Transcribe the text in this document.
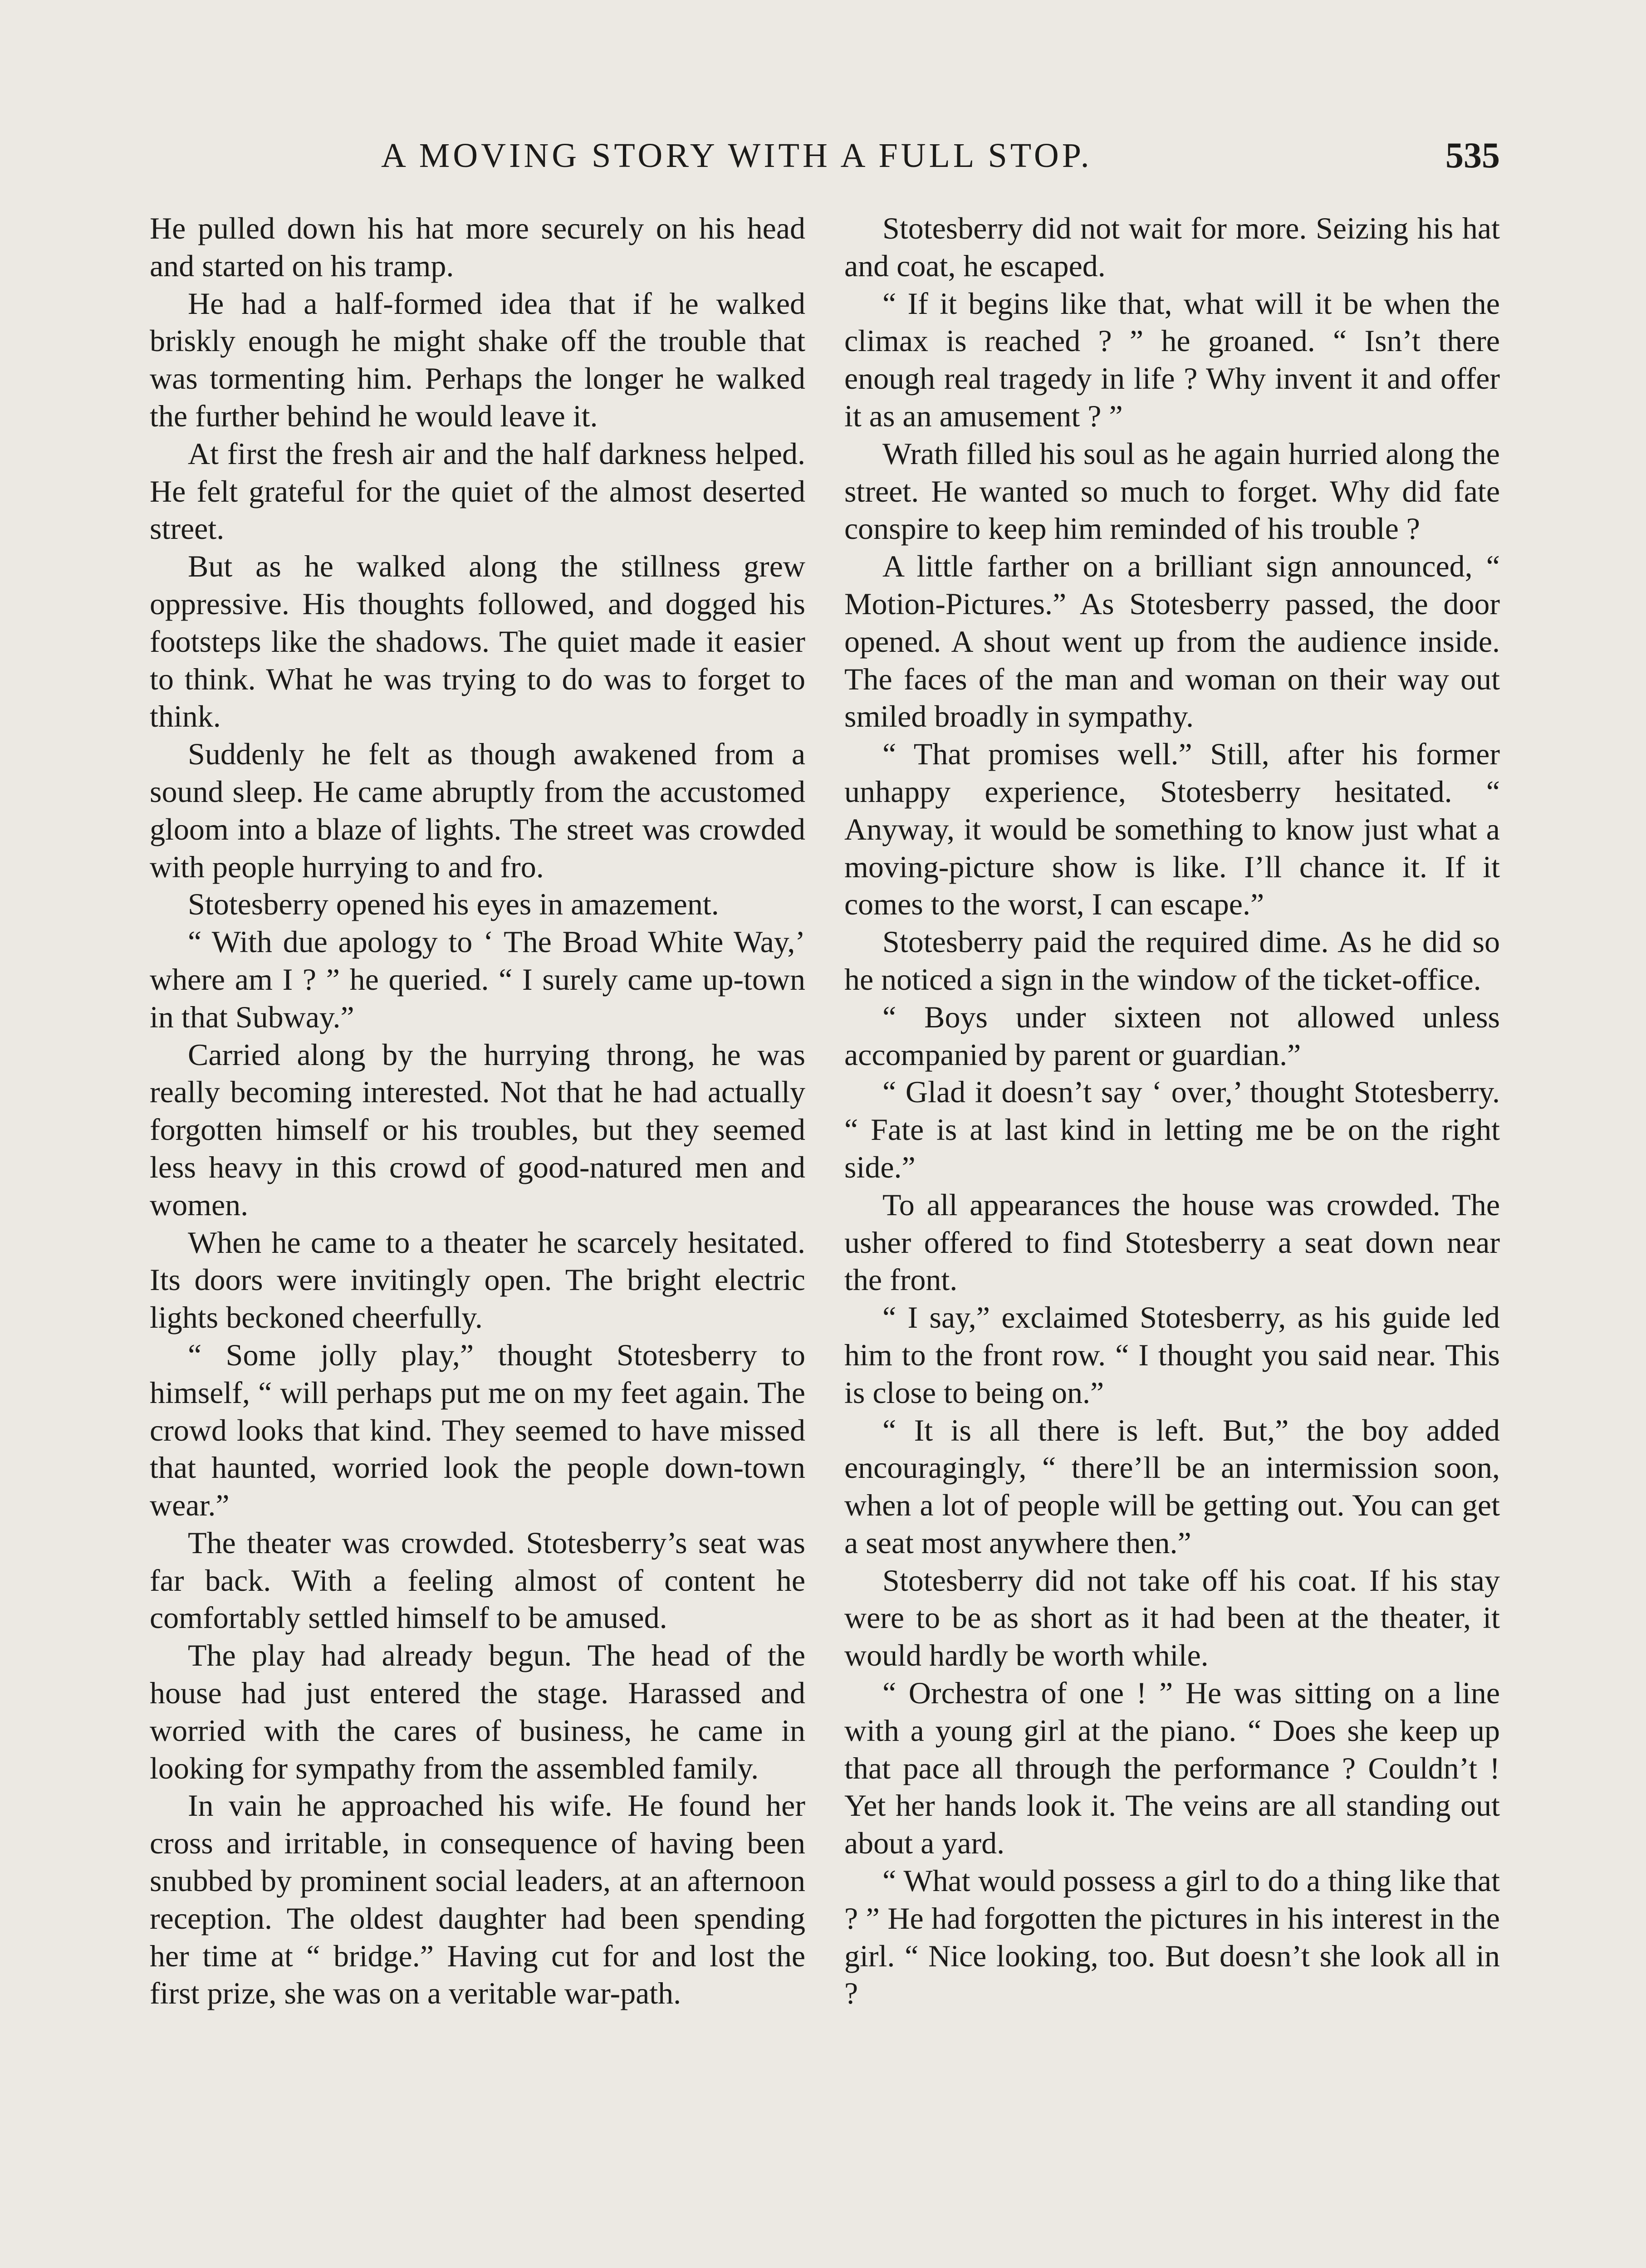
A MOVING STORY WITH A FULL STOP.	535

He pulled down his hat more securely on his head and started on his tramp.

He had a half-formed idea that if he walked briskly enough he might shake off the trouble that was tormenting him. Perhaps the longer he walked the further behind he would leave it.

At first the fresh air and the half darkness helped. He felt grateful for the quiet of the almost deserted street.

But as he walked along the stillness grew oppressive. His thoughts followed, and dogged his footsteps like the shadows. The quiet made it easier to think. What he was trying to do was to forget to think.

Suddenly he felt as though awakened from a sound sleep. He came abruptly from the accustomed gloom into a blaze of lights. The street was crowded with people hurrying to and fro.

Stotesberry opened his eyes in amazement.

“ With due apology to ‘ The Broad White Way,’ where am I ? ” he queried. “ I surely came up-town in that Subway.”

Carried along by the hurrying throng, he was really becoming interested. Not that he had actually forgotten himself or his troubles, but they seemed less heavy in this crowd of good-natured men and women.

When he came to a theater he scarcely hesitated. Its doors were invitingly open. The bright electric lights beckoned cheerfully.

“ Some jolly play,” thought Stotesberry to himself, “ will perhaps put me on my feet again. The crowd looks that kind. They seemed to have missed that haunted, worried look the people down-town wear.”

The theater was crowded. Stotesberry’s seat was far back. With a feeling almost of content he comfortably settled himself to be amused.

The play had already begun. The head of the house had just entered the stage. Harassed and worried with the cares of business, he came in looking for sympathy from the assembled family.

In vain he approached his wife. He found her cross and irritable, in consequence of having been snubbed by prominent social leaders, at an afternoon reception. The oldest daughter had been spending her time at “ bridge.” Having cut for and lost the first prize, she was on a veritable war-path.

Stotesberry did not wait for more. Seizing his hat and coat, he escaped.

“ If it begins like that, what will it be when the climax is reached ? ” he groaned. “ Isn’t there enough real tragedy in life ? Why invent it and offer it as an amusement ? ”

Wrath filled his soul as he again hurried along the street. He wanted so much to forget. Why did fate conspire to keep him reminded of his trouble ?

A little farther on a brilliant sign announced, “ Motion-Pictures.” As Stotesberry passed, the door opened. A shout went up from the audience inside. The faces of the man and woman on their way out smiled broadly in sympathy.

“ That promises well.” Still, after his former unhappy experience, Stotesberry hesitated. “ Anyway, it would be something to know just what a moving-picture show is like. I’ll chance it. If it comes to the worst, I can escape.”

Stotesberry paid the required dime. As he did so he noticed a sign in the window of the ticket-office.

“ Boys under sixteen not allowed unless accompanied by parent or guardian.”

“ Glad it doesn’t say ‘ over,’ thought Stotesberry. “ Fate is at last kind in letting me be on the right side.”

To all appearances the house was crowded. The usher offered to find Stotesberry a seat down near the front.

“ I say,” exclaimed Stotesberry, as his guide led him to the front row. “ I thought you said near. This is close to being on.”

“ It is all there is left. But,” the boy added encouragingly, “ there’ll be an intermission soon, when a lot of people will be getting out. You can get a seat most anywhere then.”

Stotesberry did not take off his coat. If his stay were to be as short as it had been at the theater, it would hardly be worth while.

“ Orchestra of one ! ” He was sitting on a line with a young girl at the piano. “ Does she keep up that pace all through the performance ? Couldn’t ! Yet her hands look it. The veins are all standing out about a yard.

“ What would possess a girl to do a thing like that ? ” He had forgotten the pictures in his interest in the girl. “ Nice looking, too. But doesn’t she look all in ?
